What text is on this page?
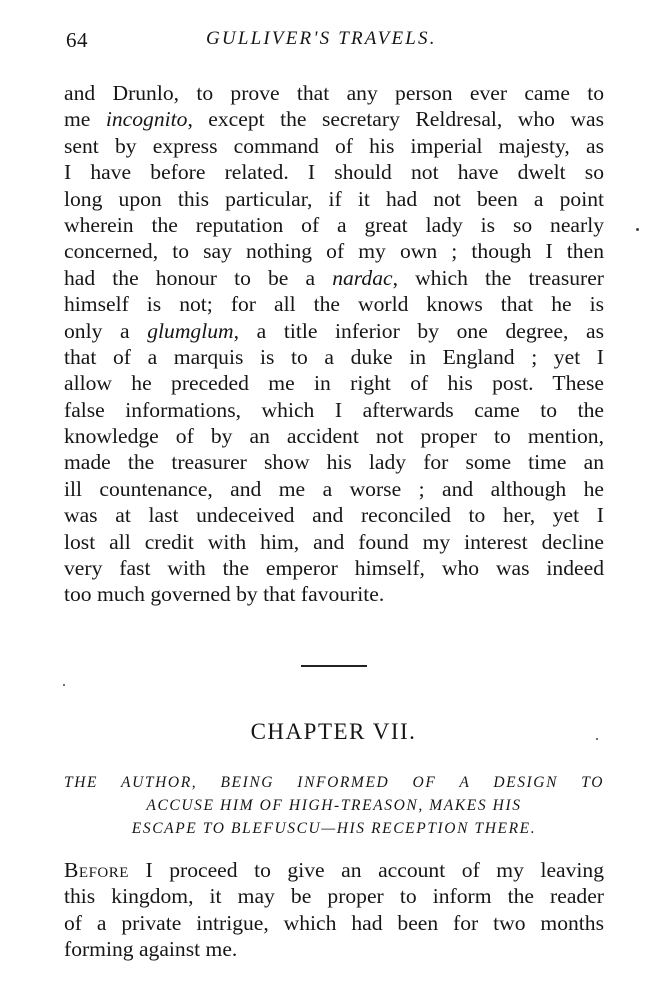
64	GULLIVER'S TRAVELS.
and Drunlo, to prove that any person ever came to
me incognito, except the secretary Reldresal, who was
sent by express command of his imperial majesty, as
I have before related. I should not have dwelt so
long upon this particular, if it had not been a point
wherein the reputation of a great lady is so nearly
concerned, to say nothing of my own ; though I then
had the honour to be a nardac, which the treasurer
himself is not; for all the world knows that he is
only a glumglum, a title inferior by one degree, as
that of a marquis is to a duke in England ; yet I
allow he preceded me in right of his post. These
false informations, which I afterwards came to the
knowledge of by an accident not proper to mention,
made the treasurer show his lady for some time an
ill countenance, and me a worse ; and although he
was at last undeceived and reconciled to her, yet I
lost all credit with him, and found my interest decline
very fast with the emperor himself, who was indeed
too much governed by that favourite.
CHAPTER VII.
THE AUTHOR, BEING INFORMED OF A DESIGN TO
ACCUSE HIM OF HIGH-TREASON, MAKES HIS
ESCAPE TO BLEFUSCU—HIS RECEPTION THERE.
Before I proceed to give an account of my leaving
this kingdom, it may be proper to inform the reader
of a private intrigue, which had been for two months
forming against me.
